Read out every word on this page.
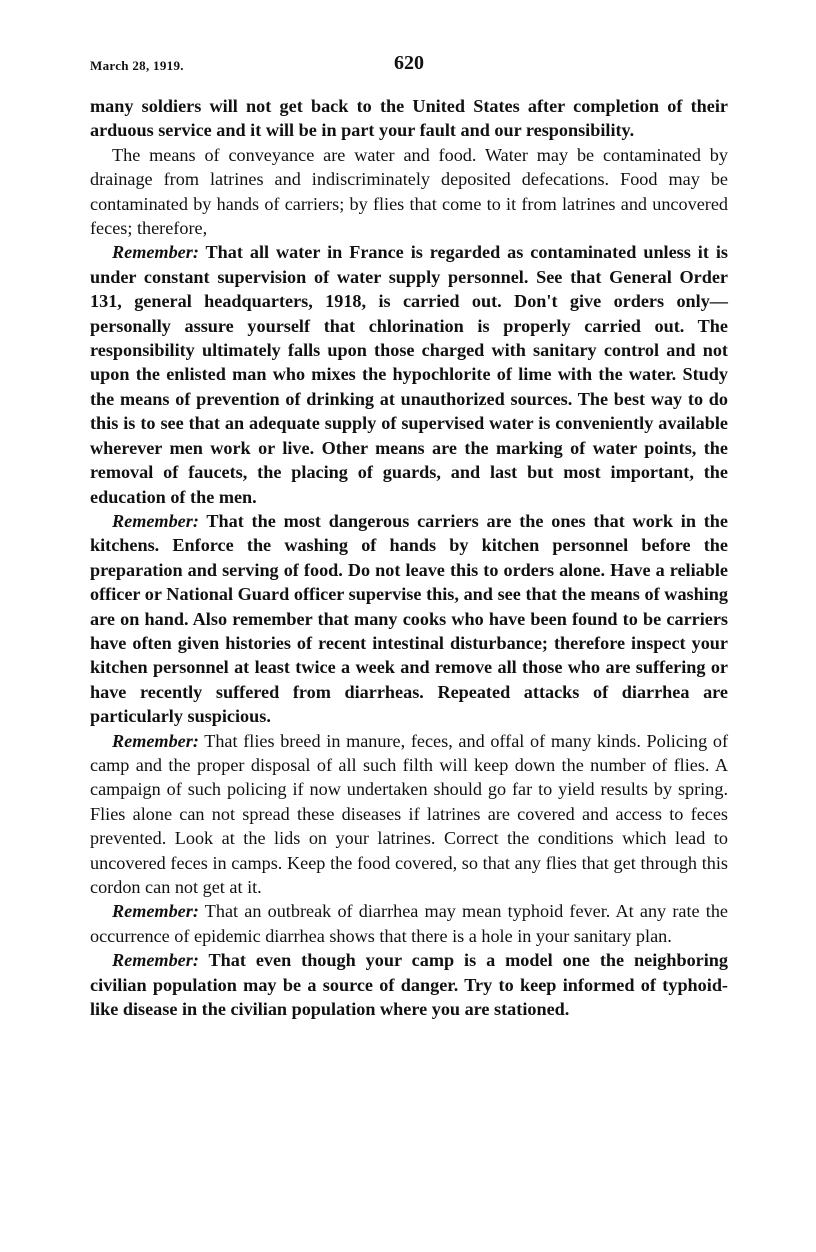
March 28, 1919.	620

many soldiers will not get back to the United States after completion of their arduous service and it will be in part your fault and our responsibility.

The means of conveyance are water and food. Water may be contaminated by drainage from latrines and indiscriminately deposited defecations. Food may be contaminated by hands of carriers; by flies that come to it from latrines and uncovered feces; therefore,

Remember: That all water in France is regarded as contaminated unless it is under constant supervision of water supply personnel. See that General Order 131, general headquarters, 1918, is carried out. Don't give orders only—personally assure yourself that chlorination is properly carried out. The responsibility ultimately falls upon those charged with sanitary control and not upon the enlisted man who mixes the hypochlorite of lime with the water. Study the means of prevention of drinking at unauthorized sources. The best way to do this is to see that an adequate supply of supervised water is conveniently available wherever men work or live. Other means are the marking of water points, the removal of faucets, the placing of guards, and last but most important, the education of the men.

Remember: That the most dangerous carriers are the ones that work in the kitchens. Enforce the washing of hands by kitchen personnel before the preparation and serving of food. Do not leave this to orders alone. Have a reliable officer or National Guard officer supervise this, and see that the means of washing are on hand. Also remember that many cooks who have been found to be carriers have often given histories of recent intestinal disturbance; therefore inspect your kitchen personnel at least twice a week and remove all those who are suffering or have recently suffered from diarrheas. Repeated attacks of diarrhea are particularly suspicious.

Remember: That flies breed in manure, feces, and offal of many kinds. Policing of camp and the proper disposal of all such filth will keep down the number of flies. A campaign of such policing if now undertaken should go far to yield results by spring. Flies alone can not spread these diseases if latrines are covered and access to feces prevented. Look at the lids on your latrines. Correct the conditions which lead to uncovered feces in camps. Keep the food covered, so that any flies that get through this cordon can not get at it.

Remember: That an outbreak of diarrhea may mean typhoid fever. At any rate the occurrence of epidemic diarrhea shows that there is a hole in your sanitary plan.

Remember: That even though your camp is a model one the neighboring civilian population may be a source of danger. Try to keep informed of typhoid-like disease in the civilian population where you are stationed.
